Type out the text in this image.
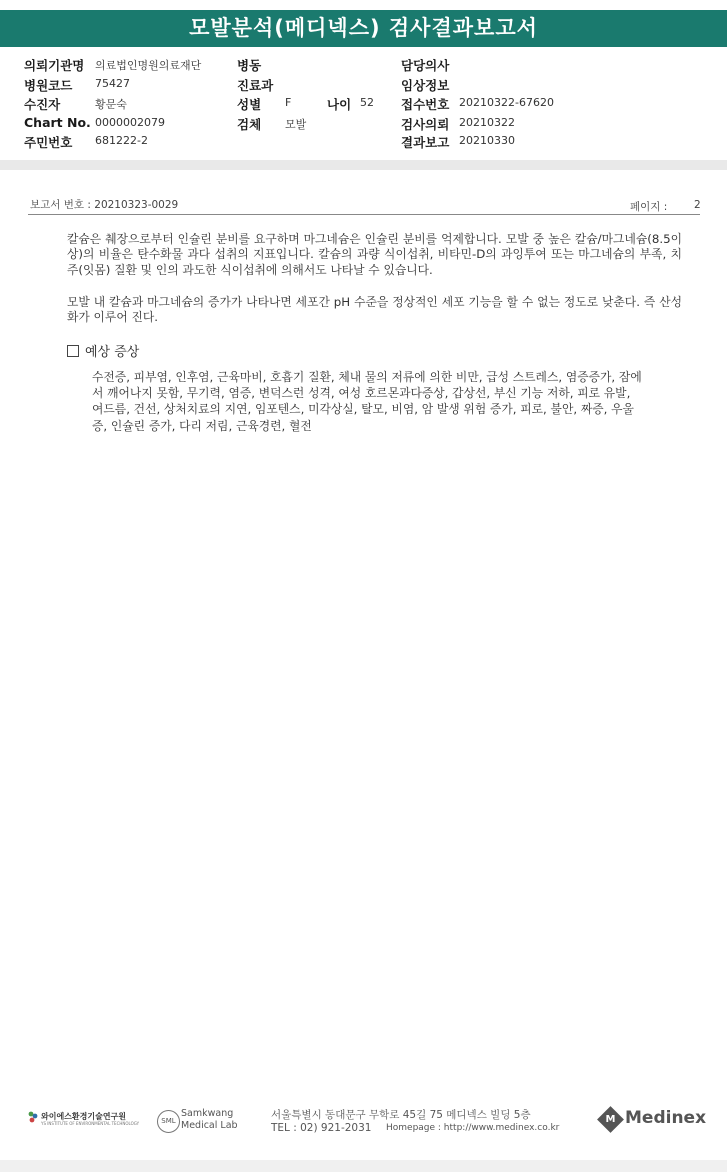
모발분석(메디넥스) 검사결과보고서
의뢰기관명 의료법인명원의료재단
병원코드 75427
수진자	황문숙
Chart No. 0000002079
주민번호 681222-2
병동
진료과
성별 F	나이 52
검체 모발
담당의사
임상정보
접수번호 20210322-67620
검사의뢰 20210322
결과보고 20210330
보고서 번호 : 20210323-0029	페이지 :	2
칼슘은 췌장으로부터 인슐린 분비를 요구하며 마그네슘은 인슐린 분비를 억제합니다. 모발 중 높은 칼슘/마그네슘(8.5이상)의 비율은 탄수화물 과다 섭취의 지표입니다. 칼슘의 과량 식이섭취, 비타민-D의 과잉투여 또는 마그네슘의 부족, 치주(잇몸) 질환 및 인의 과도한 식이섭취에 의해서도 나타날 수 있습니다.
모발 내 칼슘과 마그네슘의 증가가 나타나면 세포간 pH 수준을 정상적인 세포 기능을 할 수 없는 정도로 낮춘다. 즉 산성화가 이루어 진다.
예상 증상
수전증, 피부염, 인후염, 근육마비, 호흡기 질환, 체내 물의 저류에 의한 비만, 급성 스트레스, 염증증가, 잠에서 깨어나지 못함, 무기력, 염증, 변덕스런 성격, 여성 호르몬과다증상, 갑상선, 부신 기능 저하, 피로 유발, 여드름, 건선, 상처치료의 지연, 임포텐스, 미각상실, 탈모, 비염, 암 발생 위험 증가, 피로, 불안, 짜증, 우울증, 인슐린 증가, 다리 저림, 근육경련, 혈전
와이에스환경기술연구원
YS INSTITUTE OF ENVIRONMENTAL TECHNOLOGY	SML
Samkwang
Medical Lab
서울특별시 동대문구 무학로 45길 75 메디넥스 빌딩 5층
TEL : 02) 921-2031 Homepage : http://www.medinex.co.kr
M Medinex
